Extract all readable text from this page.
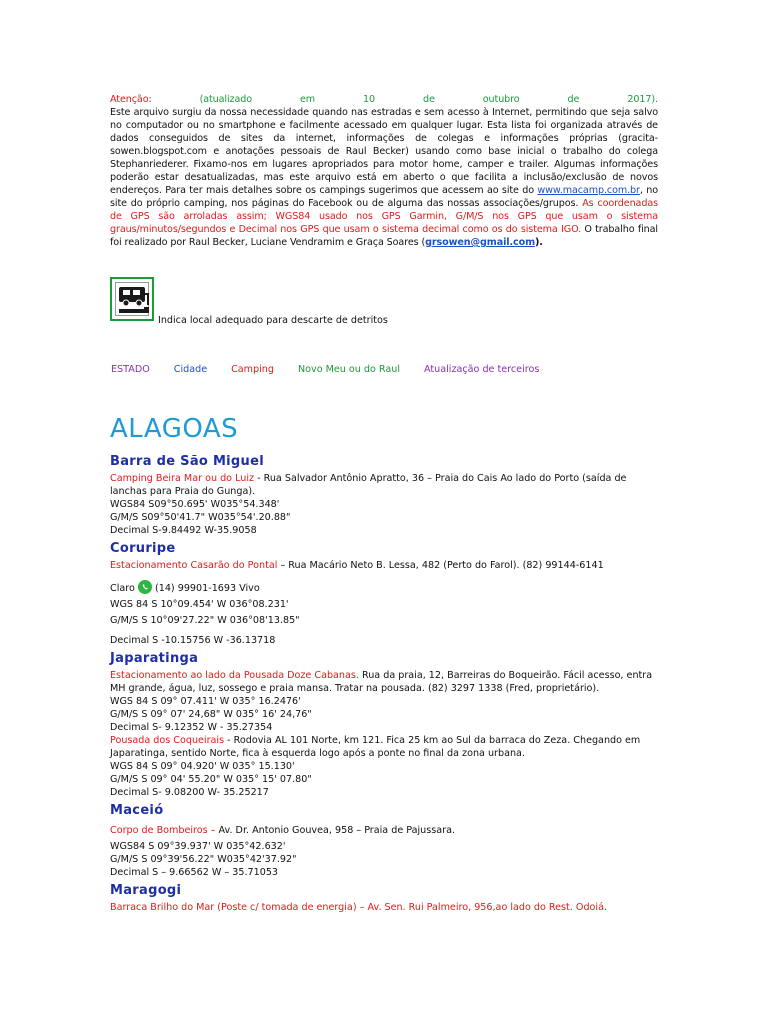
Atenção:	(atualizado	em	10	de	outubro	de	2017).
Este arquivo surgiu da nossa necessidade quando nas estradas e sem acesso à Internet, permitindo que seja salvo no computador ou no smartphone e facilmente acessado em qualquer lugar. Esta lista foi organizada através de dados conseguidos de sites da internet, informações de colegas e informações próprias (gracita-sowen.blogspot.com e anotações pessoais de Raul Becker) usando como base inicial o trabalho do colega Stephanriederer. Fixamo-nos em lugares apropriados para motor home, camper e trailer. Algumas informações poderão estar desatualizadas, mas este arquivo está em aberto o que facilita a inclusão/exclusão de novos endereços. Para ter mais detalhes sobre os campings sugerimos que acessem ao site do www.macamp.com.br, no site do próprio camping, nos páginas do Facebook ou de alguma das nossas associações/grupos. As coordenadas de GPS são arroladas assim; WGS84 usado nos GPS Garmin, G/M/S nos GPS que usam o sistema graus/minutos/segundos e Decimal nos GPS que usam o sistema decimal como os do sistema IGO. O trabalho final foi realizado por Raul Becker, Luciane Vendramim e Graça Soares (grsowen@gmail.com).
Indica local adequado para descarte de detritos
ESTADO	Cidade	Camping	Novo Meu ou do Raul	Atualização de terceiros
ALAGOAS
Barra de São Miguel
Camping Beira Mar ou do Luiz - Rua Salvador Antônio Apratto, 36 – Praia do Cais Ao lado do Porto (saída de lanchas para Praia do Gunga).
WGS84 S09°50.695' W035°54.348'
G/M/S S09°50'41.7" W035°54'.20.88"
Decimal S-9.84492 W-35.9058
Coruripe
Estacionamento Casarão do Pontal – Rua Macário Neto B. Lessa, 482 (Perto do Farol). (82) 99144-6141
Claro
(14) 99901-1693 Vivo
WGS 84 S 10°09.454' W 036°08.231'
G/M/S S 10°09'27.22" W 036°08'13.85"
Decimal S -10.15756 W -36.13718
Japaratinga
Estacionamento ao lado da Pousada Doze Cabanas. Rua da praia, 12, Barreiras do Boqueirão. Fácil acesso, entra MH grande, água, luz, sossego e praia mansa. Tratar na pousada. (82) 3297 1338 (Fred, proprietário).
WGS 84 S 09° 07.411' W 035° 16.2476'
G/M/S S 09° 07' 24,68" W 035° 16' 24,76"
Decimal S- 9.12352 W - 35.27354
Pousada dos Coqueirais - Rodovia AL 101 Norte, km 121. Fica 25 km ao Sul da barraca do Zeza. Chegando em Japaratinga, sentido Norte, fica à esquerda logo após a ponte no final da zona urbana.
WGS 84 S 09° 04.920' W 035° 15.130'
G/M/S S 09° 04' 55.20" W 035° 15' 07.80"
Decimal S- 9.08200 W- 35.25217
Maceió
Corpo de Bombeiros – Av. Dr. Antonio Gouvea, 958 – Praia de Pajussara.
WGS84 S 09°39.937' W 035°42.632'
G/M/S S 09°39'56.22" W035°42'37.92"
Decimal S – 9.66562 W – 35.71053
Maragogi
Barraca Brilho do Mar (Poste c/ tomada de energia) – Av. Sen. Rui Palmeiro, 956,ao lado do Rest. Odoiá.
